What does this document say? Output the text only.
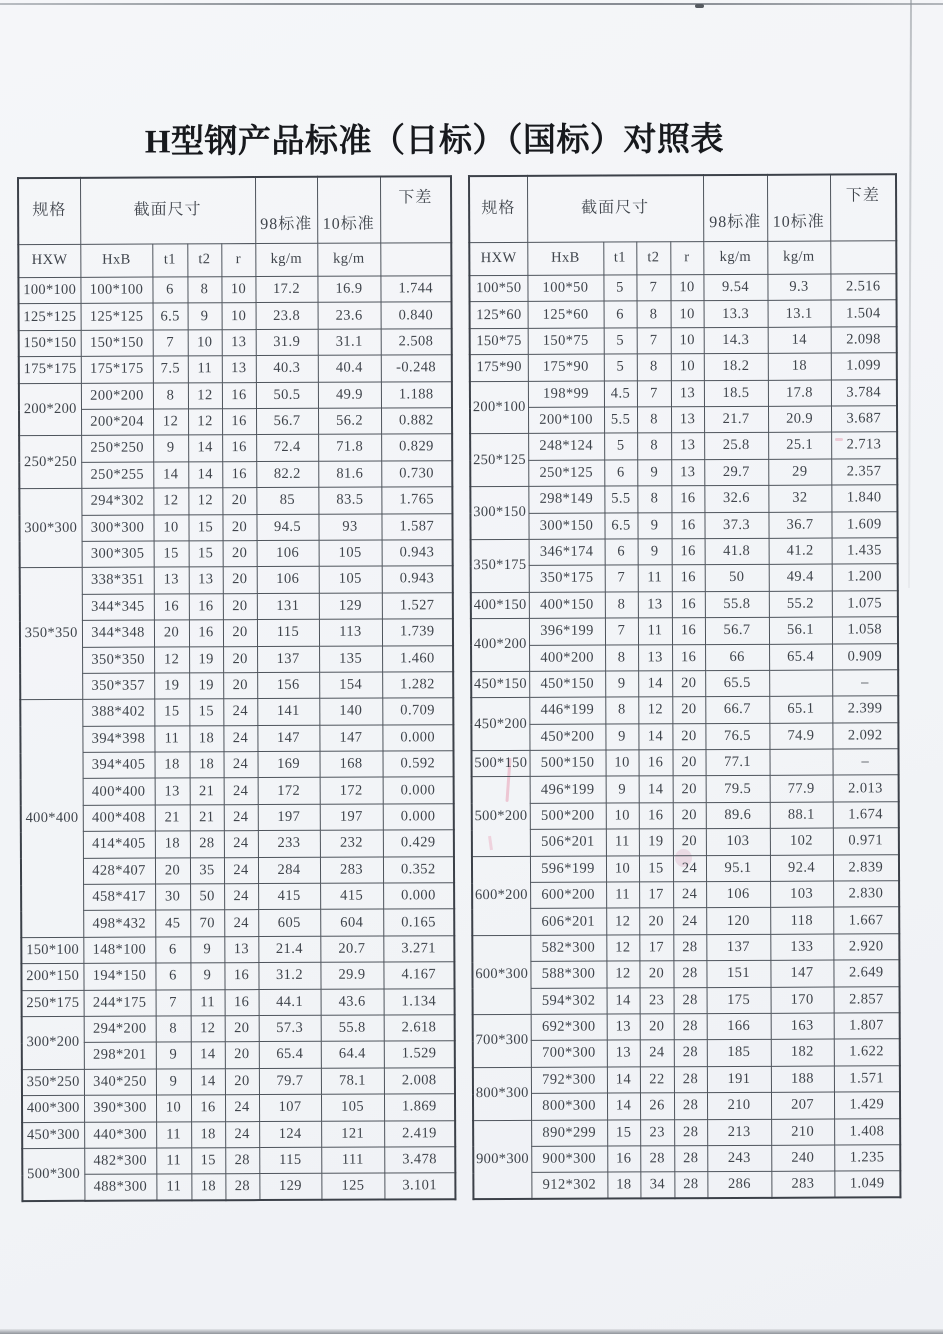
H型钢产品标准（日标）（国标）对照表
规格	截面尺寸				98标准	10标准	下差
HXW	HxB	t1	t2	r	kg/m	kg/m	
100*100	100*100	6	8	10	17.2	16.9	1.744
125*125	125*125	6.5	9	10	23.8	23.6	0.840
150*150	150*150	7	10	13	31.9	31.1	2.508
175*175	175*175	7.5	11	13	40.3	40.4	-0.248
200*200	200*200	8	12	16	50.5	49.9	1.188
	200*204	12	12	16	56.7	56.2	0.882
250*250	250*250	9	14	16	72.4	71.8	0.829
	250*255	14	14	16	82.2	81.6	0.730
300*300	294*302	12	12	20	85	83.5	1.765
	300*300	10	15	20	94.5	93	1.587
	300*305	15	15	20	106	105	0.943
350*350	338*351	13	13	20	106	105	0.943
	344*345	16	16	20	131	129	1.527
	344*348	20	16	20	115	113	1.739
	350*350	12	19	20	137	135	1.460
	350*357	19	19	20	156	154	1.282
400*400	388*402	15	15	24	141	140	0.709
	394*398	11	18	24	147	147	0.000
	394*405	18	18	24	169	168	0.592
	400*400	13	21	24	172	172	0.000
	400*408	21	21	24	197	197	0.000
	414*405	18	28	24	233	232	0.429
	428*407	20	35	24	284	283	0.352
	458*417	30	50	24	415	415	0.000
	498*432	45	70	24	605	604	0.165
150*100	148*100	6	9	13	21.4	20.7	3.271
200*150	194*150	6	9	16	31.2	29.9	4.167
250*175	244*175	7	11	16	44.1	43.6	1.134
300*200	294*200	8	12	20	57.3	55.8	2.618
	298*201	9	14	20	65.4	64.4	1.529
350*250	340*250	9	14	20	79.7	78.1	2.008
400*300	390*300	10	16	24	107	105	1.869
450*300	440*300	11	18	24	124	121	2.419
500*300	482*300	11	15	28	115	111	3.478
	488*300	11	18	28	129	125	3.101
规格	截面尺寸				98标准	10标准	下差
HXW	HxB	t1	t2	r	kg/m	kg/m	
100*50	100*50	5	7	10	9.54	9.3	2.516
125*60	125*60	6	8	10	13.3	13.1	1.504
150*75	150*75	5	7	10	14.3	14	2.098
175*90	175*90	5	8	10	18.2	18	1.099
200*100	198*99	4.5	7	13	18.5	17.8	3.784
	200*100	5.5	8	13	21.7	20.9	3.687
250*125	248*124	5	8	13	25.8	25.1	2.713
	250*125	6	9	13	29.7	29	2.357
300*150	298*149	5.5	8	16	32.6	32	1.840
	300*150	6.5	9	16	37.3	36.7	1.609
350*175	346*174	6	9	16	41.8	41.2	1.435
	350*175	7	11	16	50	49.4	1.200
400*150	400*150	8	13	16	55.8	55.2	1.075
400*200	396*199	7	11	16	56.7	56.1	1.058
	400*200	8	13	16	66	65.4	0.909
450*150	450*150	9	14	20	65.5		–
450*200	446*199	8	12	20	66.7	65.1	2.399
	450*200	9	14	20	76.5	74.9	2.092
500*150	500*150	10	16	20	77.1		–
500*200	496*199	9	14	20	79.5	77.9	2.013
	500*200	10	16	20	89.6	88.1	1.674
	506*201	11	19	20	103	102	0.971
600*200	596*199	10	15	24	95.1	92.4	2.839
	600*200	11	17	24	106	103	2.830
	606*201	12	20	24	120	118	1.667
600*300	582*300	12	17	28	137	133	2.920
	588*300	12	20	28	151	147	2.649
	594*302	14	23	28	175	170	2.857
700*300	692*300	13	20	28	166	163	1.807
	700*300	13	24	28	185	182	1.622
800*300	792*300	14	22	28	191	188	1.571
	800*300	14	26	28	210	207	1.429
900*300	890*299	15	23	28	213	210	1.408
	900*300	16	28	28	243	240	1.235
	912*302	18	34	28	286	283	1.049
